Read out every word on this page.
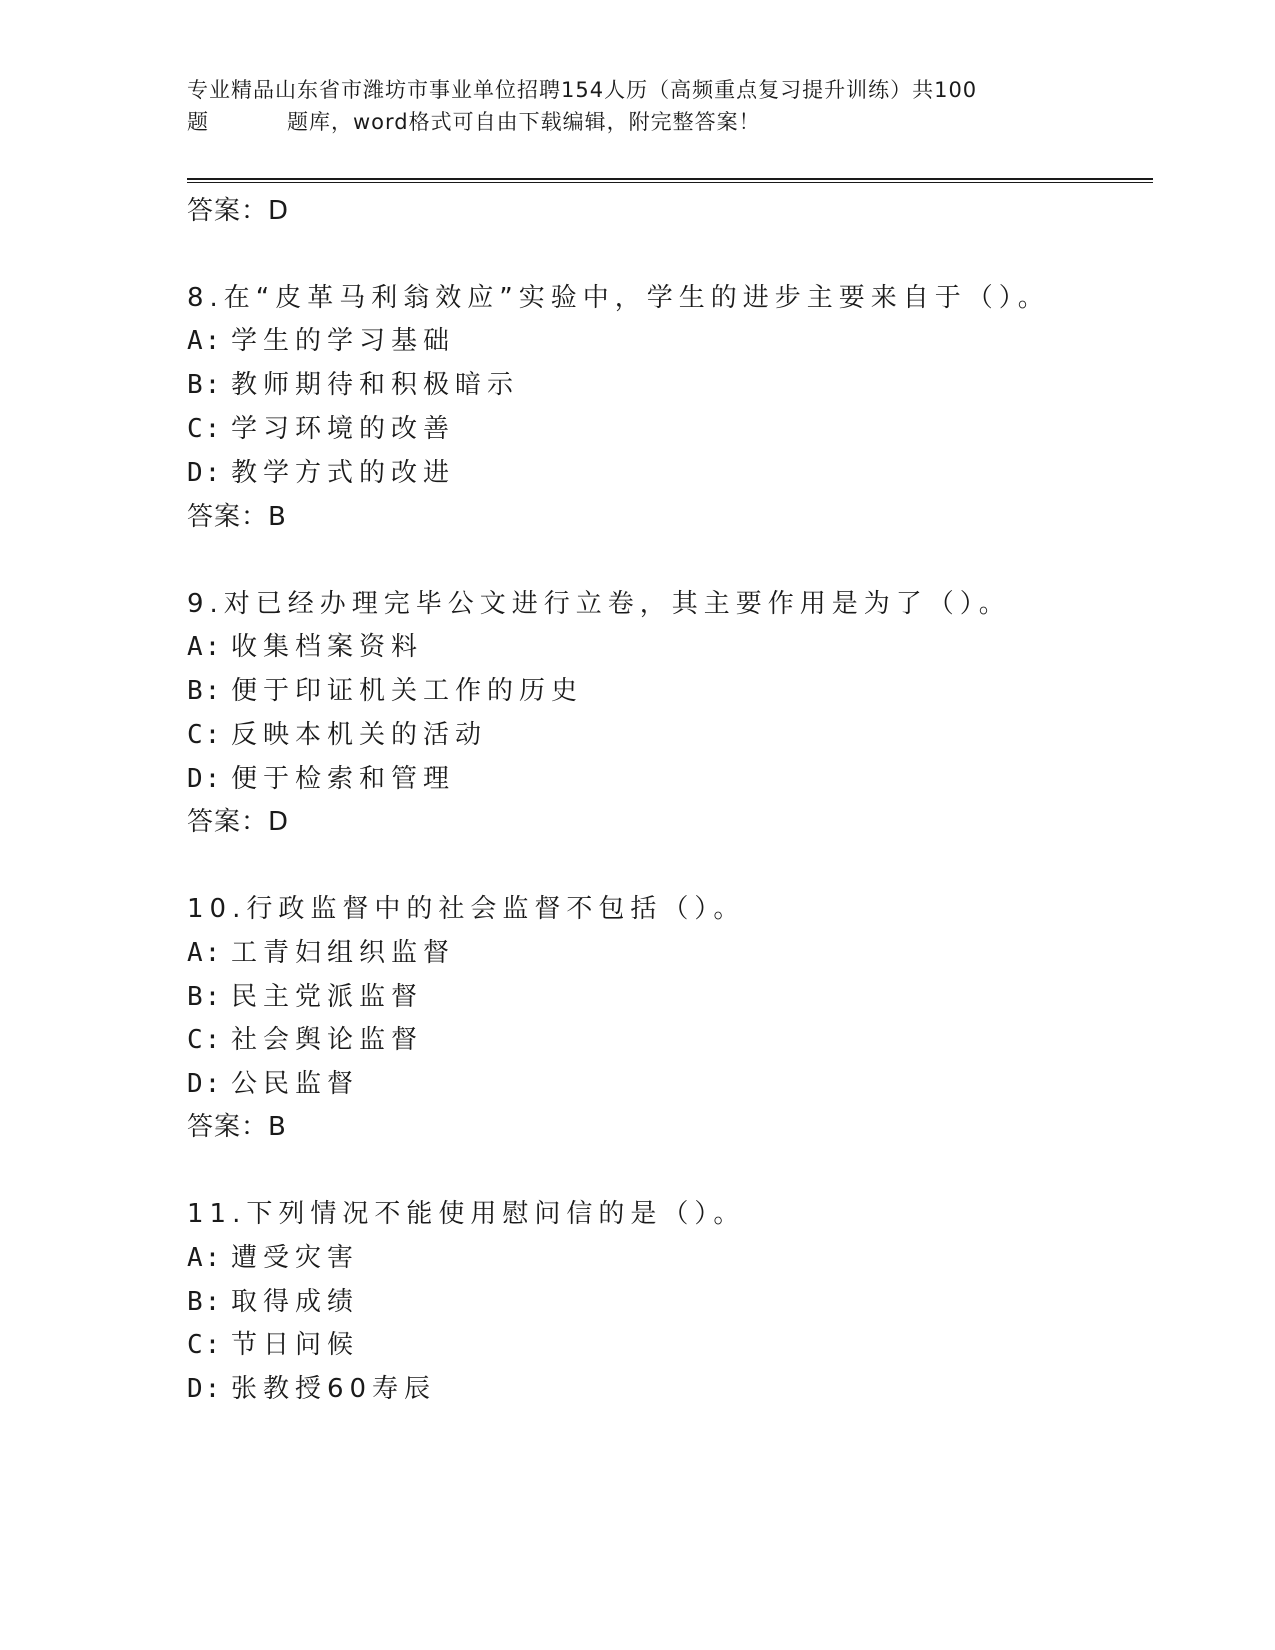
专业精品山东省市潍坊市事业单位招聘154人历（高频重点复习提升训练）共100
题	题库，word格式可自由下载编辑，附完整答案！
答案：D
8.在“皮革马利翁效应”实验中，学生的进步主要来自于（）。
A: 学生的学习基础
B: 教师期待和积极暗示
C: 学习环境的改善
D: 教学方式的改进
答案：B
9.对已经办理完毕公文进行立卷，其主要作用是为了（）。
A: 收集档案资料
B: 便于印证机关工作的历史
C: 反映本机关的活动
D: 便于检索和管理
答案：D
10.行政监督中的社会监督不包括（）。
A: 工青妇组织监督
B: 民主党派监督
C: 社会舆论监督
D: 公民监督
答案：B
11.下列情况不能使用慰问信的是（）。
A: 遭受灾害
B: 取得成绩
C: 节日问候
D: 张教授60寿辰
